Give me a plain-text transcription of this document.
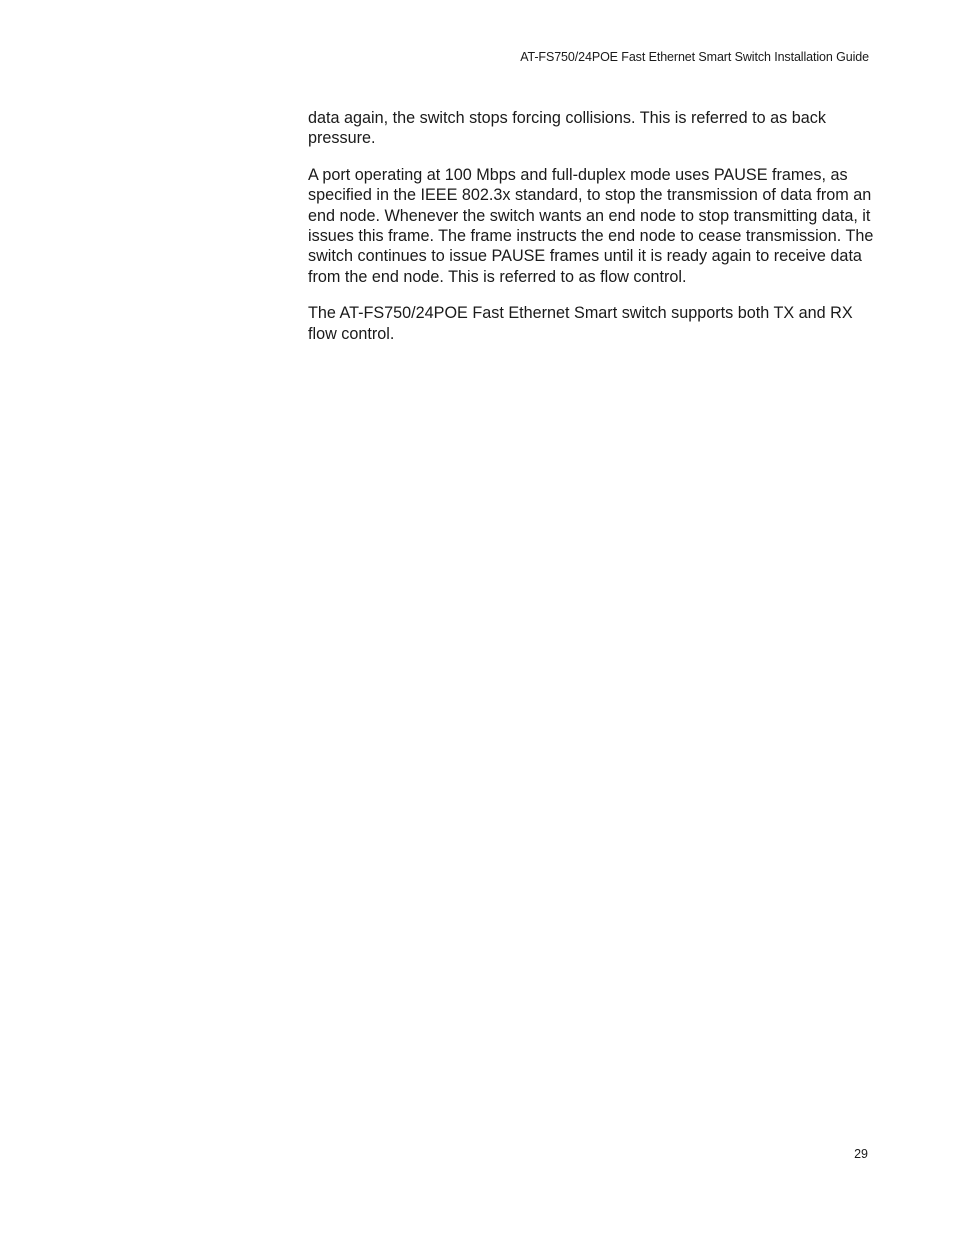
AT-FS750/24POE Fast Ethernet Smart Switch Installation Guide

data again, the switch stops forcing collisions. This is referred to as back pressure.

A port operating at 100 Mbps and full-duplex mode uses PAUSE frames, as specified in the IEEE 802.3x standard, to stop the transmission of data from an end node. Whenever the switch wants an end node to stop transmitting data, it issues this frame. The frame instructs the end node to cease transmission. The switch continues to issue PAUSE frames until it is ready again to receive data from the end node. This is referred to as flow control.

The AT-FS750/24POE Fast Ethernet Smart switch supports both TX and RX flow control.

29
